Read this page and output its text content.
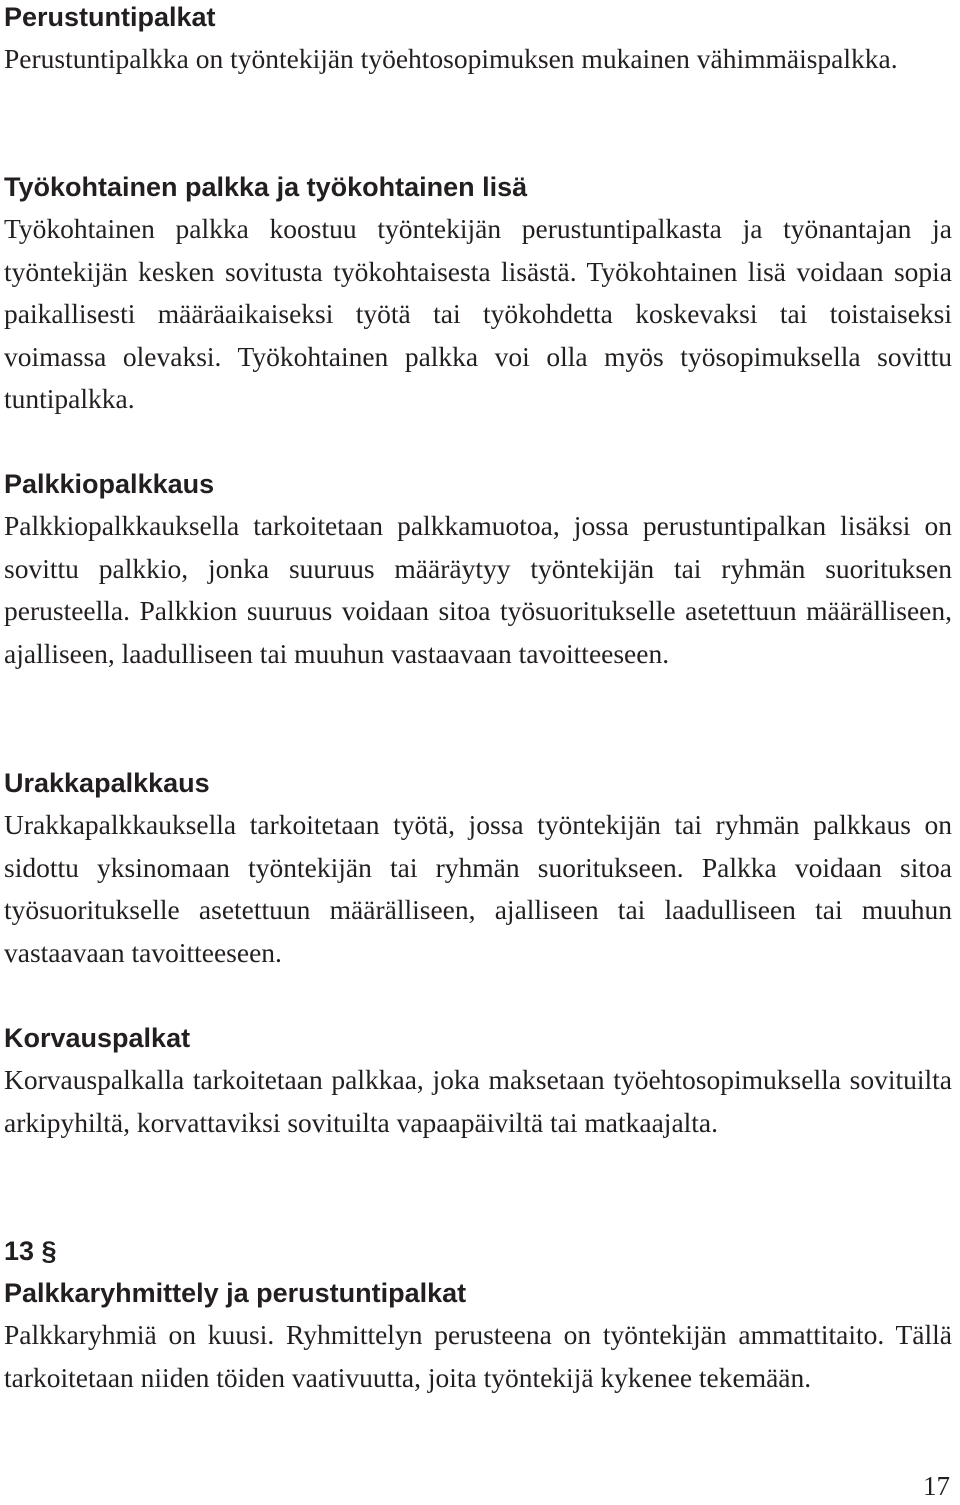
Perustuntipalkat

Perustuntipalkka on työntekijän työehtosopimuksen mukainen vähimmäispalkka.

Työkohtainen palkka ja työkohtainen lisä

Työkohtainen palkka koostuu työntekijän perustuntipalkasta ja työnantajan ja työntekijän kesken sovitusta työkohtaisesta lisästä. Työkohtainen lisä voidaan sopia paikallisesti määräaikaiseksi työtä tai työkohdetta koskevaksi tai toistaiseksi voimassa olevaksi. Työkohtainen palkka voi olla myös työsopimuksella sovittu tuntipalkka.

Palkkiopalkkaus

Palkkiopalkkauksella tarkoitetaan palkkamuotoa, jossa perustuntipalkan lisäksi on sovittu palkkio, jonka suuruus määräytyy työntekijän tai ryhmän suorituksen perusteella. Palkkion suuruus voidaan sitoa työsuoritukselle asetettuun määrälliseen, ajalliseen, laadulliseen tai muuhun vastaavaan tavoitteeseen.

Urakkapalkkaus

Urakkapalkkauksella tarkoitetaan työtä, jossa työntekijän tai ryhmän palkkaus on sidottu yksinomaan työntekijän tai ryhmän suoritukseen. Palkka voidaan sitoa työsuoritukselle asetettuun määrälliseen, ajalliseen tai laadulliseen tai muuhun vastaavaan tavoitteeseen.

Korvauspalkat

Korvauspalkalla tarkoitetaan palkkaa, joka maksetaan työehtosopimuksella sovituilta arkipyhiltä, korvattaviksi sovituilta vapaapäiviltä tai matkaajalta.

13 §
Palkkaryhmittely ja perustuntipalkat

Palkkaryhmiä on kuusi. Ryhmittelyn perusteena on työntekijän ammattitaito. Tällä tarkoitetaan niiden töiden vaativuutta, joita työntekijä kykenee tekemään.

17
